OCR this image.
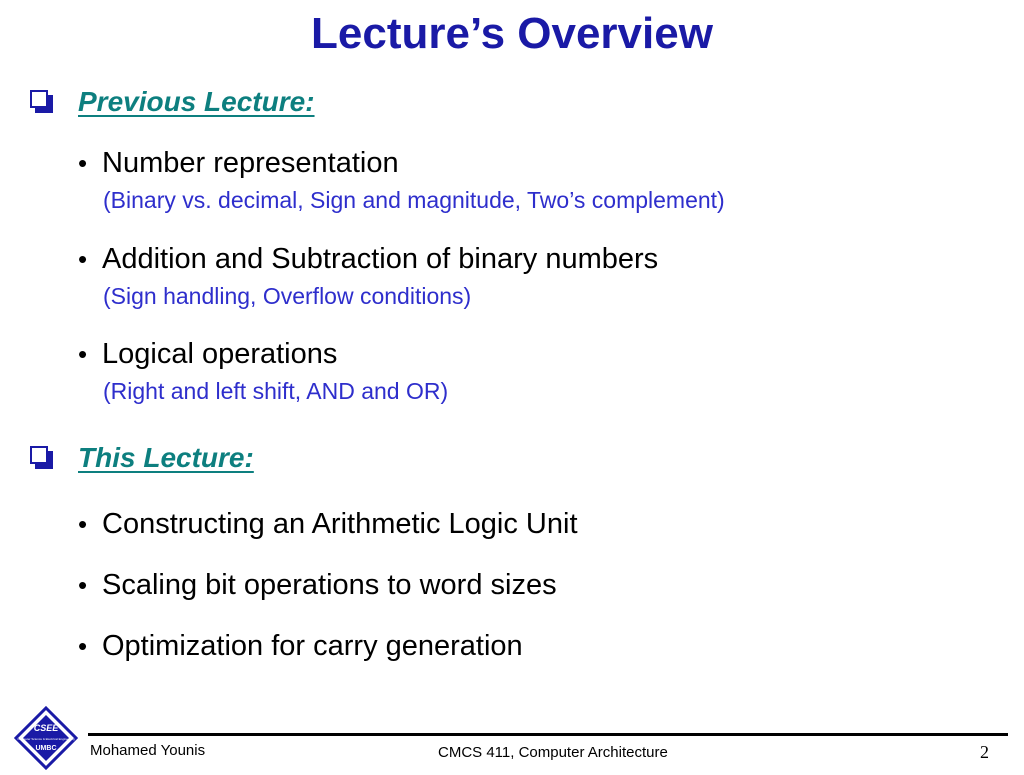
Lecture’s Overview
Previous Lecture:
• Number representation
(Binary vs. decimal, Sign and magnitude, Two’s complement)
• Addition and Subtraction of binary numbers
(Sign handling, Overflow conditions)
• Logical operations
(Right and left shift, AND and OR)
This Lecture:
• Constructing an Arithmetic Logic Unit
• Scaling bit operations to word sizes
• Optimization for carry generation
CSEE
Computer Science & Electrical Engineering
UMBC Mohamed Younis	CMCS 411, Computer Architecture	2
